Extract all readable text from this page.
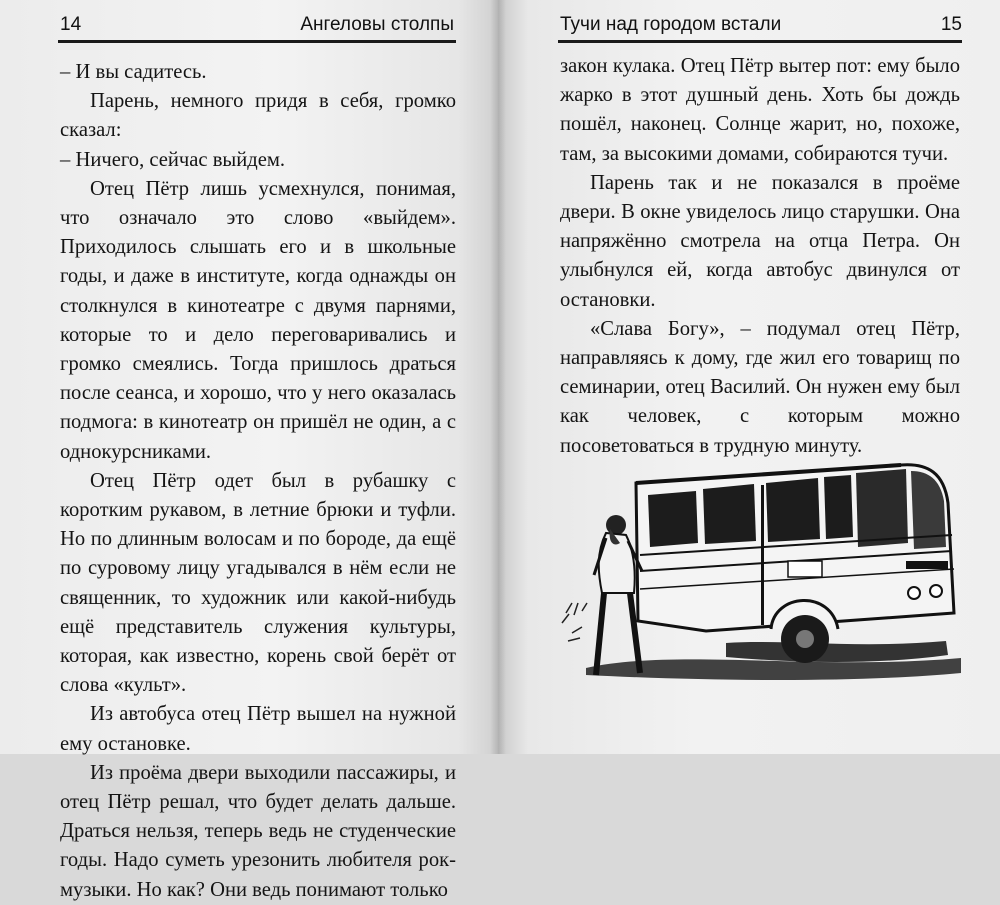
14	Ангеловы столпы

– И вы садитесь.

Парень, немного придя в себя, громко сказал:

– Ничего, сейчас выйдем.

Отец Пётр лишь усмехнулся, понимая, что означало это слово «выйдем». Приходилось слышать его и в школьные годы, и даже в институте, когда однажды он столкнулся в кинотеатре с двумя парнями, которые то и дело переговаривались и громко смеялись. Тогда пришлось драться после сеанса, и хорошо, что у него оказалась подмога: в кинотеатр он пришёл не один, а с однокурсниками.

Отец Пётр одет был в рубашку с коротким рукавом, в летние брюки и туфли. Но по длинным волосам и по бороде, да ещё по суровому лицу угадывался в нём если не священник, то художник или какой-нибудь ещё представитель служения культуры, которая, как известно, корень свой берёт от слова «культ».

Из автобуса отец Пётр вышел на нужной ему остановке.

Из проёма двери выходили пассажиры, и отец Пётр решал, что будет делать дальше. Драться нельзя, теперь ведь не студенческие годы. Надо суметь урезонить любителя рок-музыки. Но как? Они ведь понимают только

Тучи над городом встали	15

закон кулака. Отец Пётр вытер пот: ему было жарко в этот душный день. Хоть бы дождь пошёл, наконец. Солнце жарит, но, похоже, там, за высокими домами, собираются тучи.

Парень так и не показался в проёме двери. В окне увиделось лицо старушки. Она напряжённо смотрела на отца Петра. Он улыбнулся ей, когда автобус двинулся от остановки.

«Слава Богу», – подумал отец Пётр, направляясь к дому, где жил его товарищ по семинарии, отец Василий. Он нужен ему был как человек, с которым можно посоветоваться в трудную минуту.
